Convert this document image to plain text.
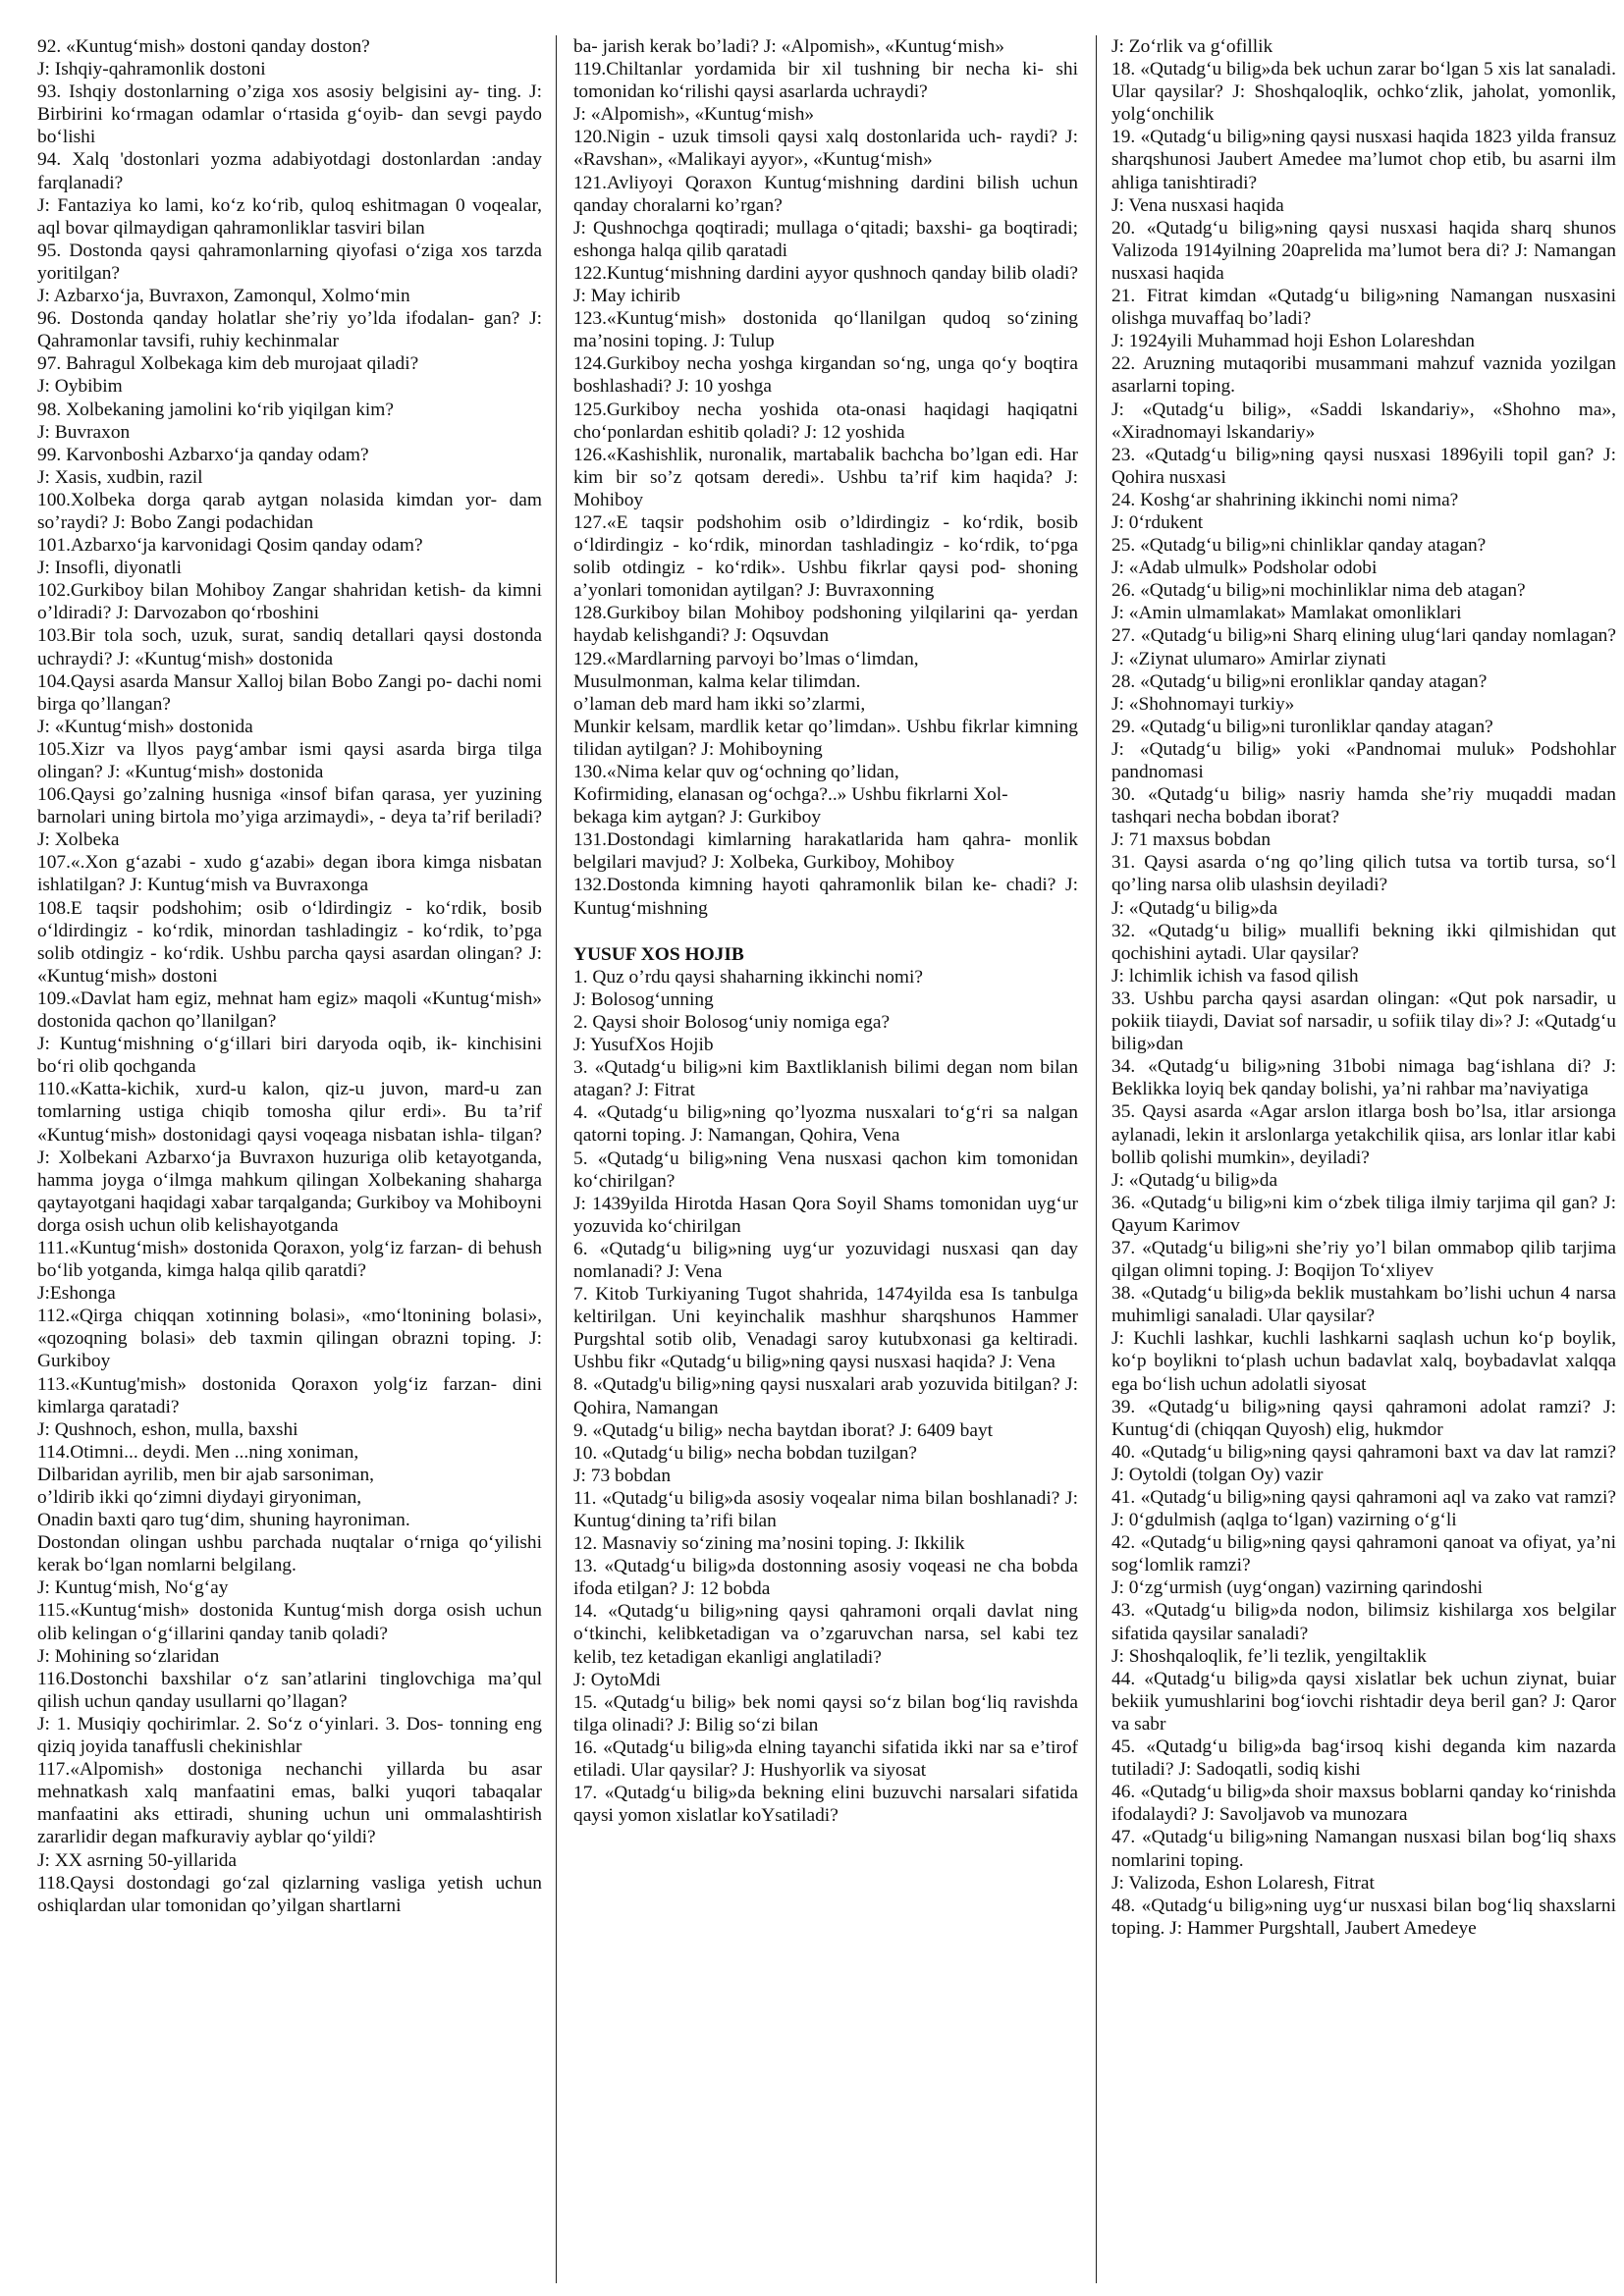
92. «Kuntug‘mish» dostoni qanday doston?
J: Ishqiy-qahramonlik dostoni
93. Ishqiy dostonlarning o’ziga xos asosiy belgisini ay- ting. J: Birbirini ko‘rmagan odamlar o‘rtasida g‘oyib- dan sevgi paydo bo‘lishi
94. Xalq 'dostonlari yozma adabiyotdagi dostonlardan :anday farqlanadi?
J: Fantaziya ko lami, ko‘z ko‘rib, quloq eshitmagan 0 voqealar, aql bovar qilmaydigan qahramonliklar tasviri bilan
95. Dostonda qaysi qahramonlarning qiyofasi o‘ziga xos tarzda yoritilgan?
J: Azbarxo‘ja, Buvraxon, Zamonqul, Xolmo‘min
96. Dostonda qanday holatlar she’riy yo’lda ifodalan- gan? J: Qahramonlar tavsifi, ruhiy kechinmalar
97. Bahragul Xolbekaga kim deb murojaat qiladi?
J: Oybibim
98. Xolbekaning jamolini ko‘rib yiqilgan kim?
J: Buvraxon
99. Karvonboshi Azbarxo‘ja qanday odam?
J: Xasis, xudbin, razil
100.Xolbeka dorga qarab aytgan nolasida kimdan yor- dam so’raydi? J: Bobo Zangi podachidan
101.Azbarxo‘ja karvonidagi Qosim qanday odam?
J: Insofli, diyonatli
102.Gurkiboy bilan Mohiboy Zangar shahridan ketish- da kimni o’ldiradi? J: Darvozabon qo‘rboshini
103.Bir tola soch, uzuk, surat, sandiq detallari qaysi dostonda uchraydi? J: «Kuntug‘mish» dostonida
104.Qaysi asarda Mansur Xalloj bilan Bobo Zangi po- dachi nomi birga qo’llangan?
J: «Kuntug‘mish» dostonida
105.Xizr va llyos payg‘ambar ismi qaysi asarda birga tilga olingan? J: «Kuntug‘mish» dostonida
106.Qaysi go’zalning husniga «insof bifan qarasa, yer yuzining barnolari uning birtola mo’yiga arzimaydi», - deya ta’rif beriladi? J: Xolbeka
107.«.Xon g‘azabi - xudo g‘azabi» degan ibora kimga nisbatan ishlatilgan? J: Kuntug‘mish va Buvraxonga
108.E taqsir podshohim; osib o‘ldirdingiz - ko‘rdik, bosib o‘ldirdingiz - ko‘rdik, minordan tashladingiz - ko‘rdik, to’pga solib otdingiz - ko‘rdik. Ushbu parcha qaysi asardan olingan? J: «Kuntug‘mish» dostoni
109.«Davlat ham egiz, mehnat ham egiz» maqoli «Kuntug‘mish» dostonida qachon qo’llanilgan?
J: Kuntug‘mishning o‘g‘illari biri daryoda oqib, ik- kinchisini bo‘ri olib qochganda
110.«Katta-kichik, xurd-u kalon, qiz-u juvon, mard-u zan tomlarning ustiga chiqib tomosha qilur erdi». Bu ta’rif «Kuntug‘mish» dostonidagi qaysi voqeaga nisbatan ishla- tilgan? J: Xolbekani Azbarxo‘ja Buvraxon huzuriga olib ketayotganda, hamma joyga o‘ilmga mahkum qilingan Xolbekaning shaharga qaytayotgani haqidagi xabar tarqalganda; Gurkiboy va Mohiboyni dorga osish uchun olib kelishayotganda
111.«Kuntug‘mish» dostonida Qoraxon, yolg‘iz farzan- di behush bo‘lib yotganda, kimga halqa qilib qaratdi?
J:Eshonga
112.«Qirga chiqqan xotinning bolasi», «mo‘ltonining bolasi», «qozoqning bolasi» deb taxmin qilingan obrazni toping. J: Gurkiboy
113.«Kuntug'mish» dostonida Qoraxon yolg‘iz farzan- dini kimlarga qaratadi?
J: Qushnoch, eshon, mulla, baxshi
114.Otimni... deydi. Men ...ning xoniman,
Dilbaridan ayrilib, men bir ajab sarsoniman,
o’ldirib ikki qo‘zimni diydayi giryoniman,
Onadin baxti qaro tug‘dim, shuning hayroniman.
Dostondan olingan ushbu parchada nuqtalar o‘rniga qo‘yilishi kerak bo‘lgan nomlarni belgilang.
J: Kuntug‘mish, No‘g‘ay
115.«Kuntug‘mish» dostonida Kuntug‘mish dorga osish uchun olib kelingan o‘g‘illarini qanday tanib qoladi?
J: Mohining so‘zlaridan
116.Dostonchi baxshilar o‘z san’atlarini tinglovchiga ma’qul qilish uchun qanday usullarni qo’llagan?
J: 1. Musiqiy qochirimlar. 2. So‘z o‘yinlari. 3. Dos- tonning eng qiziq joyida tanaffusli chekinishlar
117.«Alpomish» dostoniga nechanchi yillarda bu asar mehnatkash xalq manfaatini emas, balki yuqori tabaqalar manfaatini aks ettiradi, shuning uchun uni ommalashtirish zararlidir degan mafkuraviy ayblar qo‘yildi?
J: XX asrning 50-yillarida
118.Qaysi dostondagi go‘zal qizlarning vasliga yetish uchun oshiqlardan ular tomonidan qo’yilgan shartlarni
ba- jarish kerak bo’ladi? J: «Alpomish», «Kuntug‘mish»
119.Chiltanlar yordamida bir xil tushning bir necha ki- shi tomonidan ko‘rilishi qaysi asarlarda uchraydi?
J: «Alpomish», «Kuntug‘mish»
120.Nigin - uzuk timsoli qaysi xalq dostonlarida uch- raydi? J: «Ravshan», «Malikayi ayyor», «Kuntug‘mish»
121.Avliyoyi Qoraxon Kuntug‘mishning dardini bilish uchun qanday choralarni ko’rgan?
J: Qushnochga qoqtiradi; mullaga o‘qitadi; baxshi- ga boqtiradi; eshonga halqa qilib qaratadi
122.Kuntug‘mishning dardini ayyor qushnoch qanday bilib oladi? J: May ichirib
123.«Kuntug‘mish» dostonida qo‘llanilgan qudoq so‘zining ma’nosini toping. J: Tulup
124.Gurkiboy necha yoshga kirgandan so‘ng, unga qo‘y boqtira boshlashadi? J: 10 yoshga
125.Gurkiboy necha yoshida ota-onasi haqidagi haqiqatni cho‘ponlardan eshitib qoladi? J: 12 yoshida
126.«Kashishlik, nuronalik, martabalik bachcha bo’lgan edi. Har kim bir so’z qotsam deredi». Ushbu ta’rif kim haqida? J: Mohiboy
127.«E taqsir podshohim osib o’ldirdingiz - ko‘rdik, bosib o‘ldirdingiz - ko‘rdik, minordan tashladingiz - ko‘rdik, to‘pga solib otdingiz - ko‘rdik». Ushbu fikrlar qaysi pod- shoning a’yonlari tomonidan aytilgan? J: Buvraxonning
128.Gurkiboy bilan Mohiboy podshoning yilqilarini qa- yerdan haydab kelishgandi? J: Oqsuvdan
129.«Mardlarning parvoyi bo’lmas o‘limdan,
Musulmonman, kalma kelar tilimdan.
o’laman deb mard ham ikki so’zlarmi,
Munkir kelsam, mardlik ketar qo’limdan». Ushbu fikrlar kimning tilidan aytilgan? J: Mohiboyning
130.«Nima kelar quv og‘ochning qo’lidan,
Kofirmiding, elanasan og‘ochga?..» Ushbu fikrlarni Xol-
bekaga kim aytgan? J: Gurkiboy
131.Dostondagi kimlarning harakatlarida ham qahra- monlik belgilari mavjud? J: Xolbeka, Gurkiboy, Mohiboy
132.Dostonda kimning hayoti qahramonlik bilan ke- chadi? J: Kuntug‘mishning
YUSUF XOS HOJIB
1. Quz o’rdu qaysi shaharning ikkinchi nomi?
J: Bolosog‘unning
2. Qaysi shoir Bolosog‘uniy nomiga ega?
J: YusufXos Hojib
3. «Qutadg‘u bilig»ni kim Baxtliklanish bilimi degan nom bilan atagan? J: Fitrat
4. «Qutadg‘u bilig»ning qo’lyozma nusxalari to‘g‘ri sa nalgan qatorni toping. J: Namangan, Qohira, Vena
5. «Qutadg‘u bilig»ning Vena nusxasi qachon kim tomonidan ko‘chirilgan?
J: 1439yilda Hirotda Hasan Qora Soyil Shams tomonidan uyg‘ur yozuvida ko‘chirilgan
6. «Qutadg‘u bilig»ning uyg‘ur yozuvidagi nusxasi qan day nomlanadi? J: Vena
7. Kitob Turkiyaning Tugot shahrida, 1474yilda esa Is tanbulga keltirilgan. Uni keyinchalik mashhur sharqshunos Hammer Purgshtal sotib olib, Venadagi saroy kutubxonasi ga keltiradi. Ushbu fikr «Qutadg‘u bilig»ning qaysi nusxasi haqida? J: Vena
8. «Qutadg'u bilig»ning qaysi nusxalari arab yozuvida bitilgan? J: Qohira, Namangan
9. «Qutadg‘u bilig» necha baytdan iborat? J: 6409 bayt
10. «Qutadg‘u bilig» necha bobdan tuzilgan?
J: 73 bobdan
11. «Qutadg‘u bilig»da asosiy voqealar nima bilan boshlanadi? J: Kuntug‘dining ta’rifi bilan
12. Masnaviy so‘zining ma’nosini toping. J: Ikkilik
13. «Qutadg‘u bilig»da dostonning asosiy voqeasi ne cha bobda ifoda etilgan? J: 12 bobda
14. «Qutadg‘u bilig»ning qaysi qahramoni orqali davlat ning o‘tkinchi, kelibketadigan va o’zgaruvchan narsa, sel kabi tez kelib, tez ketadigan ekanligi anglatiladi?
J: OytoMdi
15. «Qutadg‘u bilig» bek nomi qaysi so‘z bilan bog‘liq ravishda tilga olinadi? J: Bilig so‘zi bilan
16. «Qutadg‘u bilig»da elning tayanchi sifatida ikki nar sa e’tirof etiladi. Ular qaysilar? J: Hushyorlik va siyosat
17. «Qutadg‘u bilig»da bekning elini buzuvchi narsalari sifatida qaysi yomon xislatlar koYsatiladi?
J: Zo‘rlik va g‘ofillik
18. «Qutadg‘u bilig»da bek uchun zarar bo‘lgan 5 xis lat sanaladi. Ular qaysilar? J: Shoshqaloqlik, ochko‘zlik, jaholat, yomonlik, yolg‘onchilik
19. «Qutadg‘u bilig»ning qaysi nusxasi haqida 1823 yilda fransuz sharqshunosi Jaubert Amedee ma’lumot chop etib, bu asarni ilm ahliga tanishtiradi?
J: Vena nusxasi haqida
20. «Qutadg‘u bilig»ning qaysi nusxasi haqida sharq shunos Valizoda 1914yilning 20aprelida ma’lumot bera di? J: Namangan nusxasi haqida
21. Fitrat kimdan «Qutadg‘u bilig»ning Namangan nusxasini olishga muvaffaq bo’ladi?
J: 1924yili Muhammad hoji Eshon Lolareshdan
22. Aruzning mutaqoribi musammani mahzuf vaznida yozilgan asarlarni toping.
J: «Qutadg‘u bilig», «Saddi lskandariy», «Shohno ma», «Xiradnomayi lskandariy»
23. «Qutadg‘u bilig»ning qaysi nusxasi 1896yili topil gan? J: Qohira nusxasi
24. Koshg‘ar shahrining ikkinchi nomi nima?
J: 0‘rdukent
25. «Qutadg‘u bilig»ni chinliklar qanday atagan?
J: «Adab ulmulk» Podsholar odobi
26. «Qutadg‘u bilig»ni mochinliklar nima deb atagan?
J: «Amin ulmamlakat» Mamlakat omonliklari
27. «Qutadg‘u bilig»ni Sharq elining ulug‘lari qanday nomlagan? J: «Ziynat ulumaro» Amirlar ziynati
28. «Qutadg‘u bilig»ni eronliklar qanday atagan?
J: «Shohnomayi turkiy»
29. «Qutadg‘u bilig»ni turonliklar qanday atagan?
J: «Qutadg‘u bilig» yoki «Pandnomai muluk» Podshohlar pandnomasi
30. «Qutadg‘u bilig» nasriy hamda she’riy muqaddi madan tashqari necha bobdan iborat?
J: 71 maxsus bobdan
31. Qaysi asarda o‘ng qo’ling qilich tutsa va tortib tursa, so‘l qo’ling narsa olib ulashsin deyiladi?
J: «Qutadg‘u bilig»da
32. «Qutadg‘u bilig» muallifi bekning ikki qilmishidan qut qochishini aytadi. Ular qaysilar?
J: lchimlik ichish va fasod qilish
33. Ushbu parcha qaysi asardan olingan: «Qut pok narsadir, u pokiik tiiaydi, Daviat sof narsadir, u sofiik tilay di»? J: «Qutadg‘u bilig»dan
34. «Qutadg‘u bilig»ning 31bobi nimaga bag‘ishlana di? J: Beklikka loyiq bek qanday bolishi, ya’ni rahbar ma’naviyatiga
35. Qaysi asarda «Agar arslon itlarga bosh bo’lsa, itlar arsionga aylanadi, lekin it arslonlarga yetakchilik qiisa, ars lonlar itlar kabi bollib qolishi mumkin», deyiladi?
J: «Qutadg‘u bilig»da
36. «Qutadg‘u bilig»ni kim o‘zbek tiliga ilmiy tarjima qil gan? J: Qayum Karimov
37. «Qutadg‘u bilig»ni she’riy yo’l bilan ommabop qilib tarjima qilgan olimni toping. J: Boqijon To‘xliyev
38. «Qutadg‘u bilig»da beklik mustahkam bo’lishi uchun 4 narsa muhimligi sanaladi. Ular qaysilar?
J: Kuchli lashkar, kuchli lashkarni saqlash uchun ko‘p boylik, ko‘p boylikni to‘plash uchun badavlat xalq, boybadavlat xalqqa ega bo‘lish uchun adolatli siyosat
39. «Qutadg‘u bilig»ning qaysi qahramoni adolat ramzi? J: Kuntug‘di (chiqqan Quyosh) elig, hukmdor
40. «Qutadg‘u bilig»ning qaysi qahramoni baxt va dav lat ramzi? J: Oytoldi (tolgan Oy) vazir
41. «Qutadg‘u bilig»ning qaysi qahramoni aql va zako vat ramzi? J: 0‘gdulmish (aqlga to‘lgan) vazirning o‘g‘li
42. «Qutadg‘u bilig»ning qaysi qahramoni qanoat va ofiyat, ya’ni sog‘lomlik ramzi?
J: 0‘zg‘urmish (uyg‘ongan) vazirning qarindoshi
43. «Qutadg‘u bilig»da nodon, bilimsiz kishilarga xos belgilar sifatida qaysilar sanaladi?
J: Shoshqaloqlik, fe’li tezlik, yengiltaklik
44. «Qutadg‘u bilig»da qaysi xislatlar bek uchun ziynat, buiar bekiik yumushlarini bog‘iovchi rishtadir deya beril gan? J: Qaror va sabr
45. «Qutadg‘u bilig»da bag‘irsoq kishi deganda kim nazarda tutiladi? J: Sadoqatli, sodiq kishi
46. «Qutadg‘u bilig»da shoir maxsus boblarni qanday ko‘rinishda ifodalaydi? J: Savoljavob va munozara
47. «Qutadg‘u bilig»ning Namangan nusxasi bilan bog‘liq shaxs nomlarini toping.
J: Valizoda, Eshon Lolaresh, Fitrat
48. «Qutadg‘u bilig»ning uyg‘ur nusxasi bilan bog‘liq shaxslarni toping. J: Hammer Purgshtall, Jaubert Amedeye
